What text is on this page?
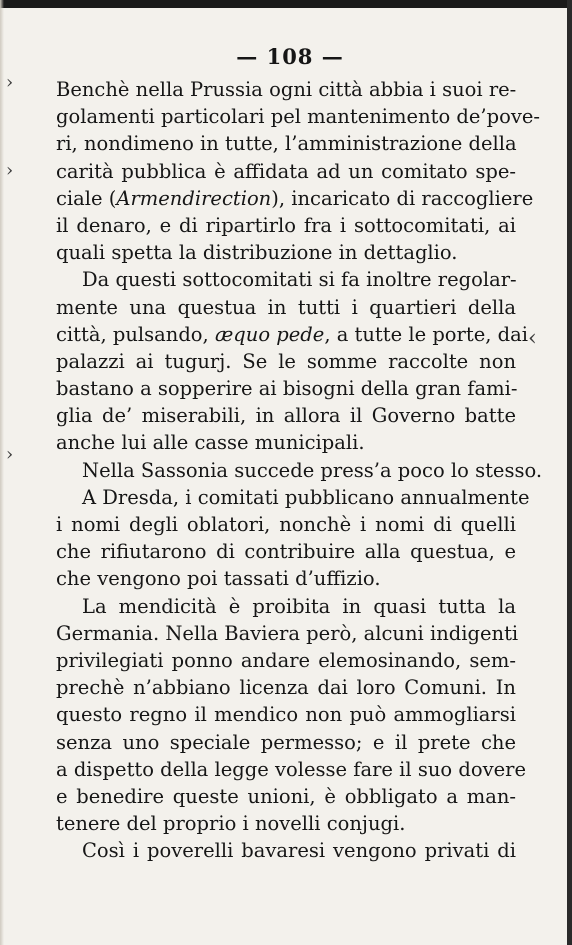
›
›
›
‹
— 108 —
Benchè nella Prussia ogni città abbia i suoi re-
golamenti particolari pel mantenimento de’pove-
ri, nondimeno in tutte, l’amministrazione della
carità pubblica è affidata ad un comitato spe-
ciale (Armendirection), incaricato di raccogliere
il denaro, e di ripartirlo fra i sottocomitati, ai
quali spetta la distribuzione in dettaglio.
Da questi sottocomitati si fa inoltre regolar-
mente una questua in tutti i quartieri della
città, pulsando, æquo pede, a tutte le porte, dai
palazzi ai tugurj. Se le somme raccolte non
bastano a sopperire ai bisogni della gran fami-
glia de’ miserabili, in allora il Governo batte
anche lui alle casse municipali.
Nella Sassonia succede press’a poco lo stesso.
A Dresda, i comitati pubblicano annualmente
i nomi degli oblatori, nonchè i nomi di quelli
che rifiutarono di contribuire alla questua, e
che vengono poi tassati d’uffizio.
La mendicità è proibita in quasi tutta la
Germania. Nella Baviera però, alcuni indigenti
privilegiati ponno andare elemosinando, sem-
prechè n’abbiano licenza dai loro Comuni. In
questo regno il mendico non può ammogliarsi
senza uno speciale permesso; e il prete che
a dispetto della legge volesse fare il suo dovere
e benedire queste unioni, è obbligato a man-
tenere del proprio i novelli conjugi.
Così i poverelli bavaresi vengono privati di
